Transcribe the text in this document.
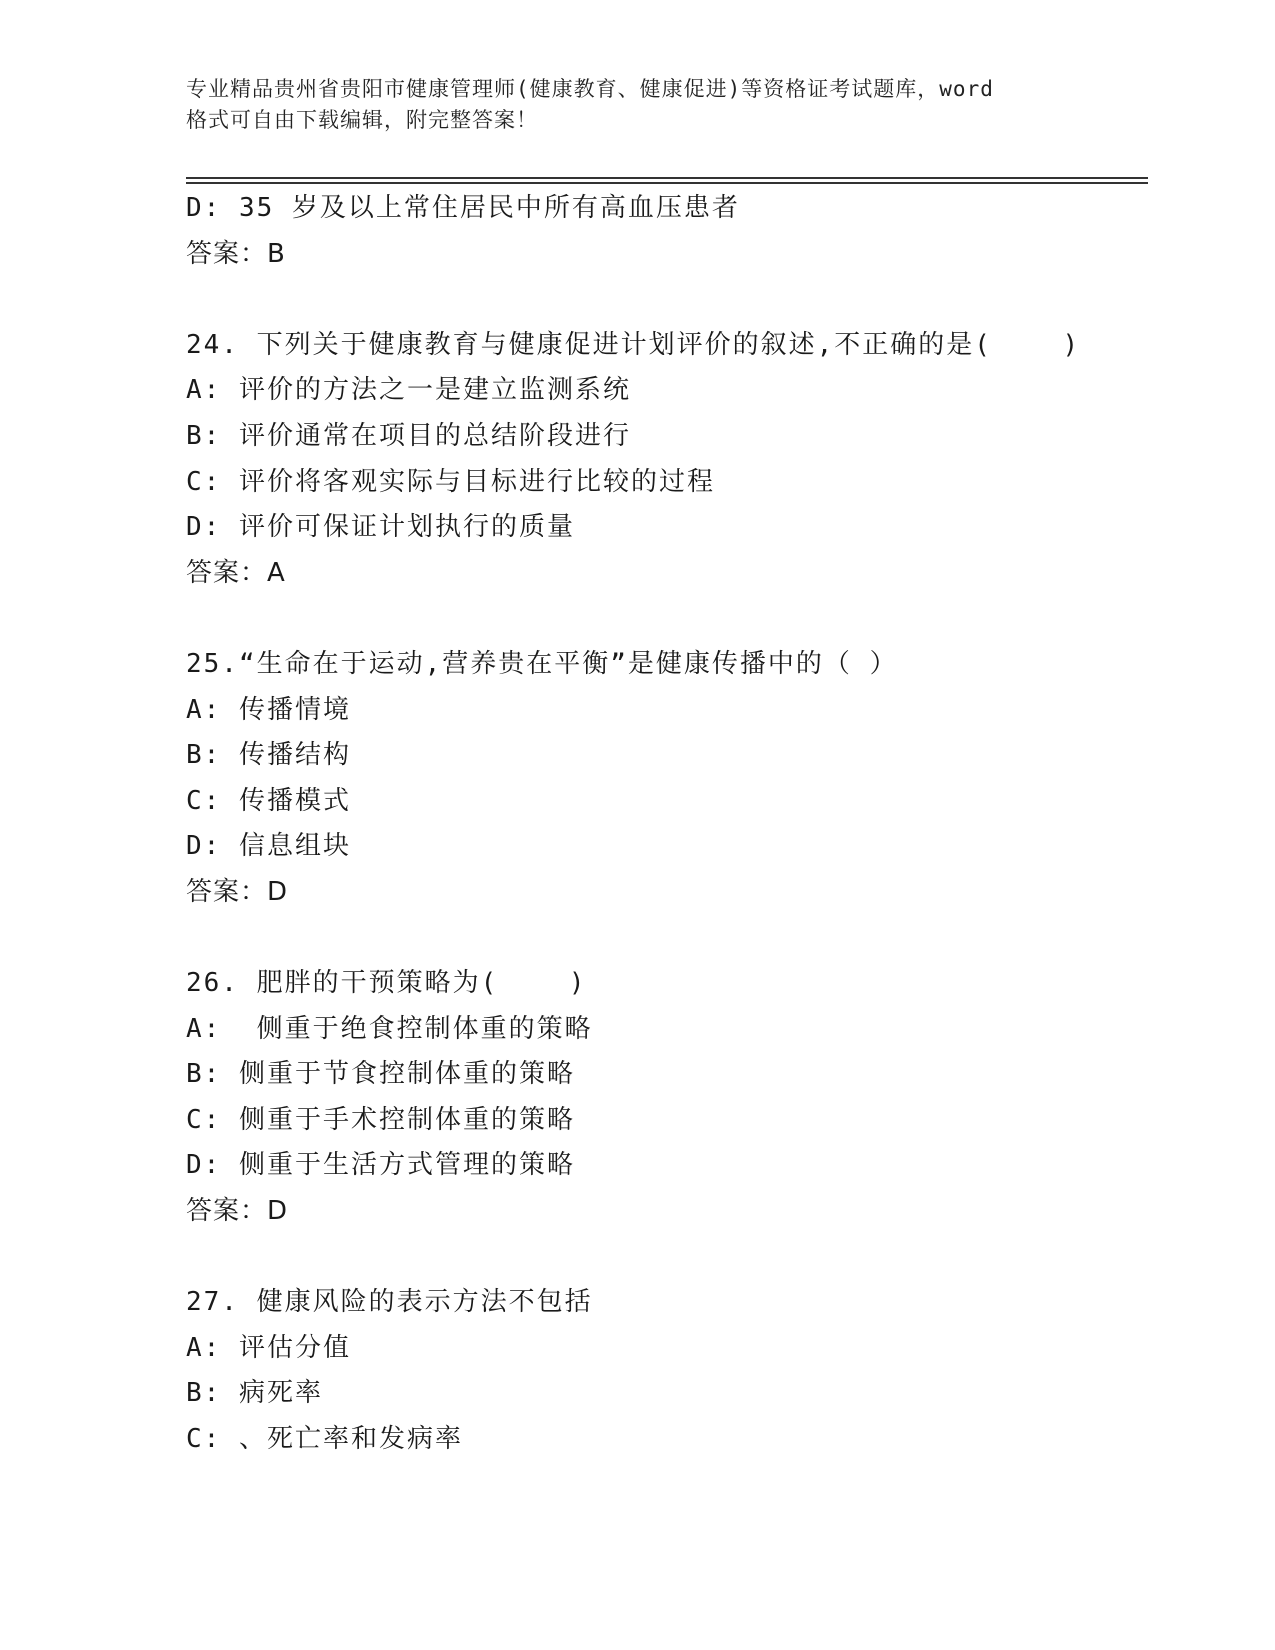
专业精品贵州省贵阳市健康管理师(健康教育、健康促进)等资格证考试题库，word
格式可自由下载编辑，附完整答案！
D: 35 岁及以上常住居民中所有高血压患者
答案：B
24. 下列关于健康教育与健康促进计划评价的叙述,不正确的是(    )
A: 评价的方法之一是建立监测系统
B: 评价通常在项目的总结阶段进行
C: 评价将客观实际与目标进行比较的过程
D: 评价可保证计划执行的质量
答案：A
25.“生命在于运动,营养贵在平衡”是健康传播中的（ ）
A: 传播情境
B: 传播结构
C: 传播模式
D: 信息组块
答案：D
26. 肥胖的干预策略为(    )
A:  侧重于绝食控制体重的策略
B: 侧重于节食控制体重的策略
C: 侧重于手术控制体重的策略
D: 侧重于生活方式管理的策略
答案：D
27. 健康风险的表示方法不包括
A: 评估分值
B: 病死率
C: 、死亡率和发病率
